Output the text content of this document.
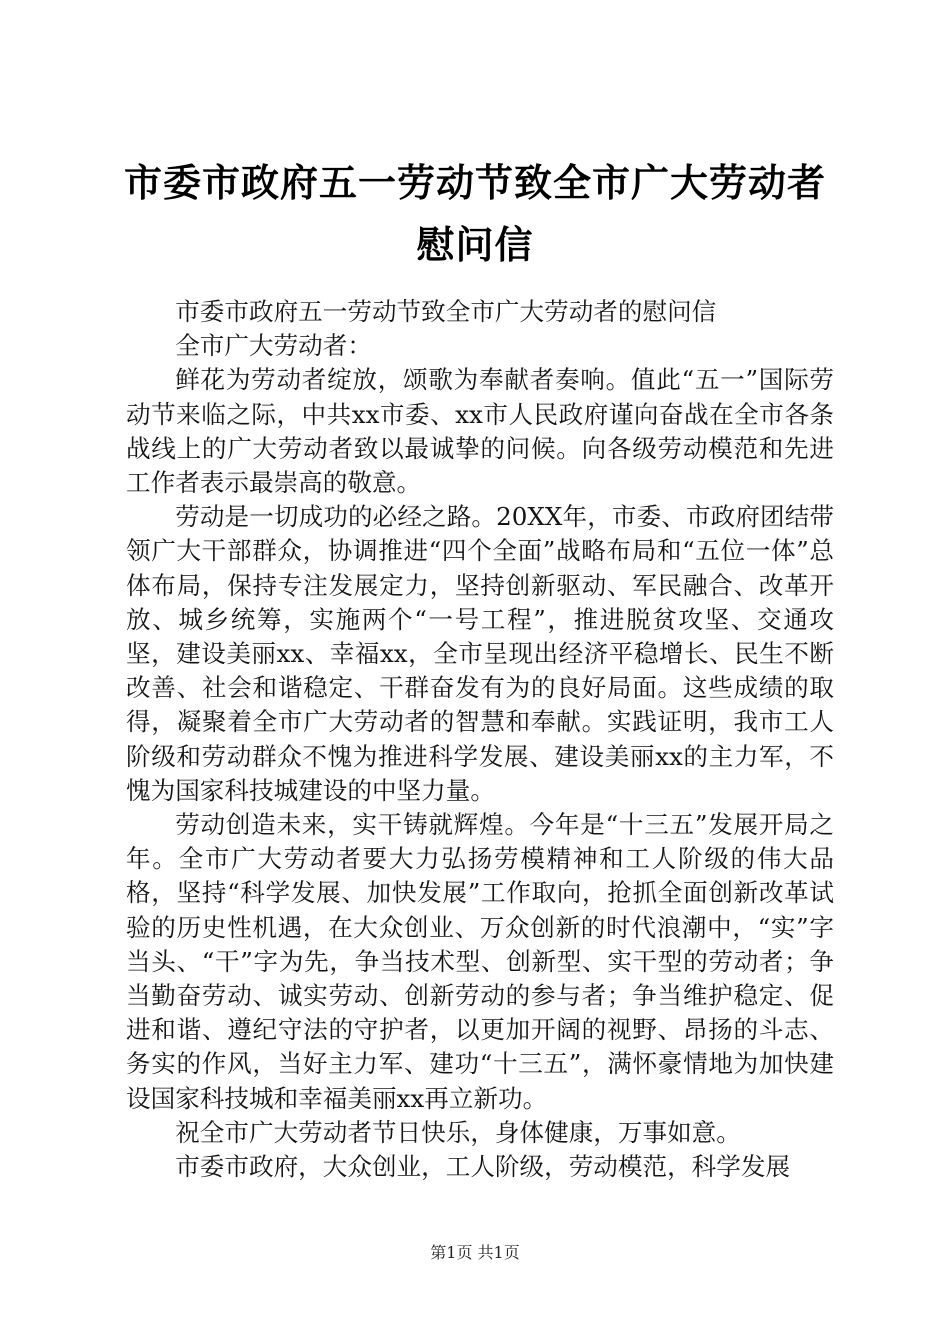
市委市政府五一劳动节致全市广大劳动者慰问信

市委市政府五一劳动节致全市广大劳动者的慰问信

全市广大劳动者：

鲜花为劳动者绽放，颂歌为奉献者奏响。值此“五一”国际劳动节来临之际，中共xx市委、xx市人民政府谨向奋战在全市各条战线上的广大劳动者致以最诚挚的问候。向各级劳动模范和先进工作者表示最崇高的敬意。

劳动是一切成功的必经之路。20XX年，市委、市政府团结带领广大干部群众，协调推进“四个全面”战略布局和“五位一体”总体布局，保持专注发展定力，坚持创新驱动、军民融合、改革开放、城乡统筹，实施两个“一号工程”，推进脱贫攻坚、交通攻坚，建设美丽xx、幸福xx，全市呈现出经济平稳增长、民生不断改善、社会和谐稳定、干群奋发有为的良好局面。这些成绩的取得，凝聚着全市广大劳动者的智慧和奉献。实践证明，我市工人阶级和劳动群众不愧为推进科学发展、建设美丽xx的主力军，不愧为国家科技城建设的中坚力量。

劳动创造未来，实干铸就辉煌。今年是“十三五”发展开局之年。全市广大劳动者要大力弘扬劳模精神和工人阶级的伟大品格，坚持“科学发展、加快发展”工作取向，抢抓全面创新改革试验的历史性机遇，在大众创业、万众创新的时代浪潮中，“实”字当头、“干”字为先，争当技术型、创新型、实干型的劳动者；争当勤奋劳动、诚实劳动、创新劳动的参与者；争当维护稳定、促进和谐、遵纪守法的守护者，以更加开阔的视野、昂扬的斗志、务实的作风，当好主力军、建功“十三五”，满怀豪情地为加快建设国家科技城和幸福美丽xx再立新功。

祝全市广大劳动者节日快乐，身体健康，万事如意。

市委市政府，大众创业，工人阶级，劳动模范，科学发展

第1页 共1页
